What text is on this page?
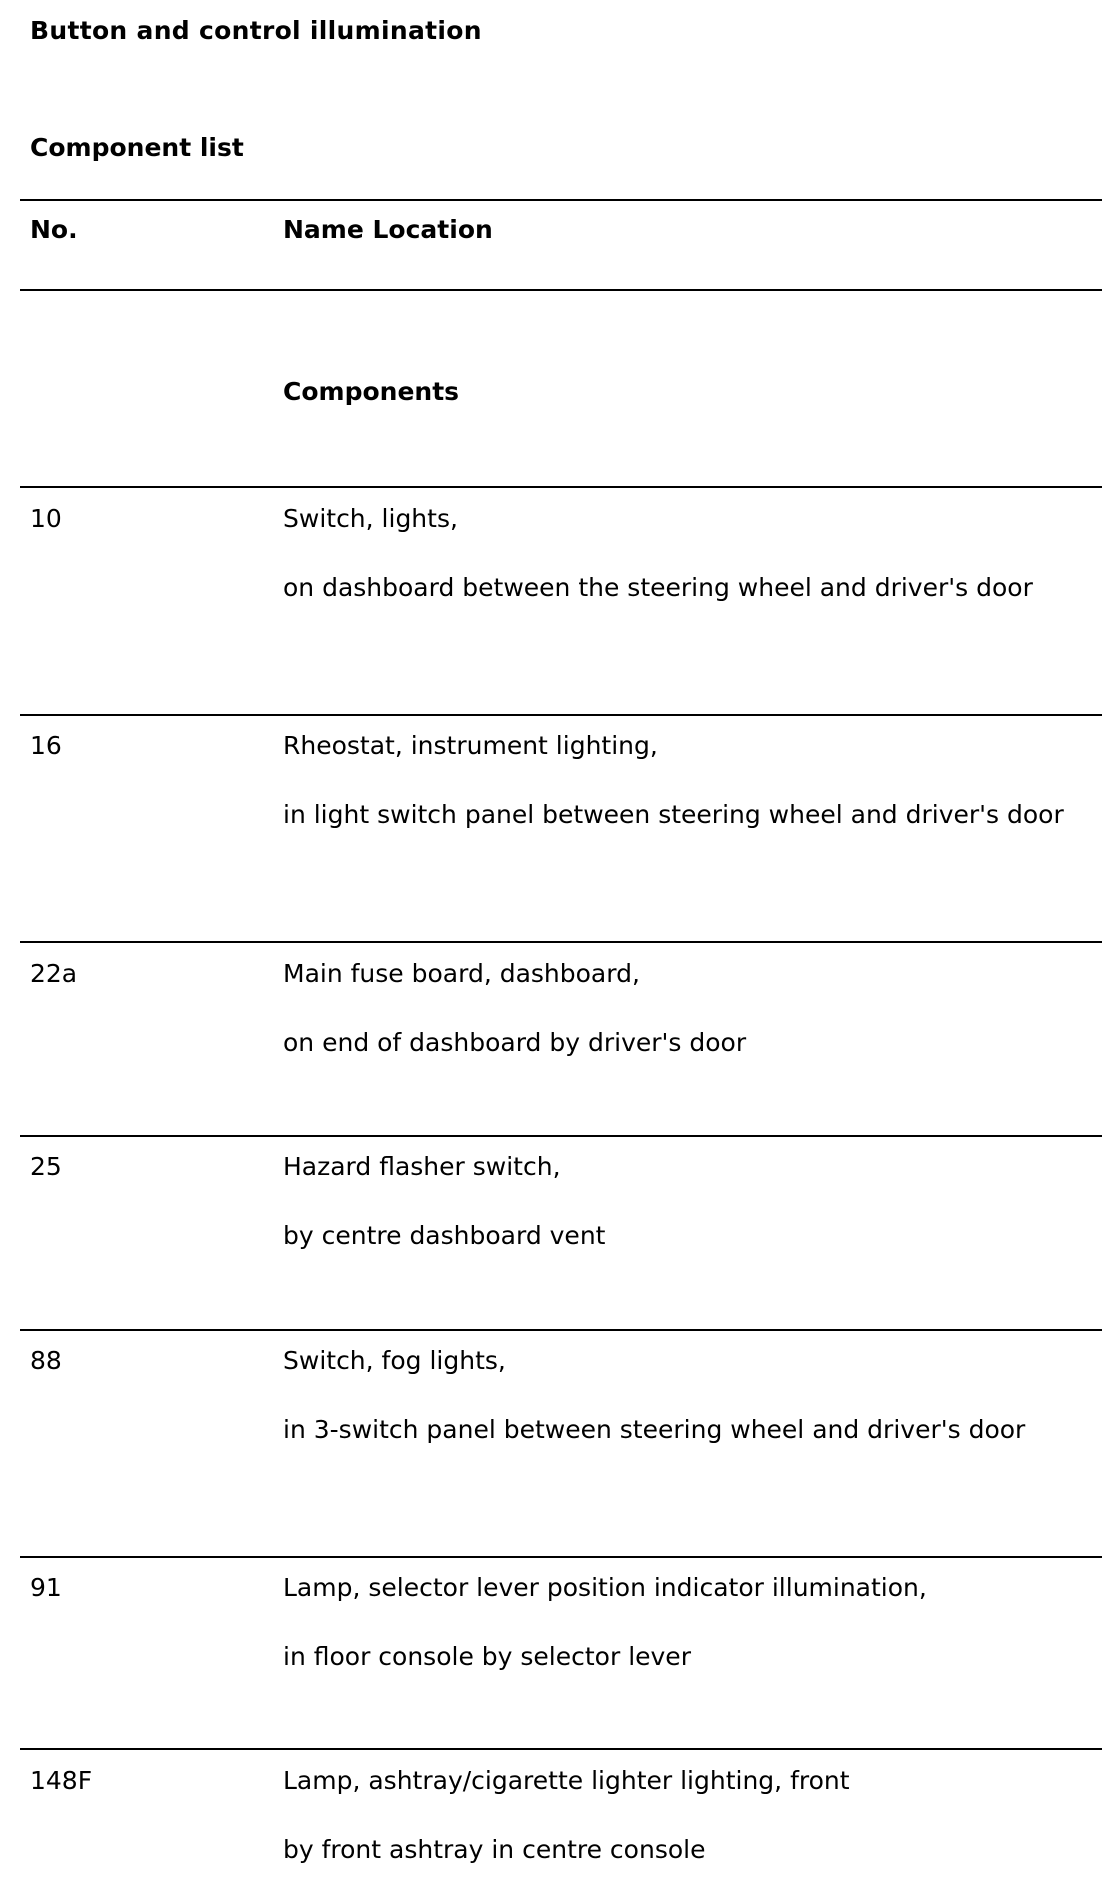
Button and control illumination
Component list
No.	Name Location
Components
10	Switch, lights,
on dashboard between the steering wheel and driver's door
16	Rheostat, instrument lighting,
in light switch panel between steering wheel and driver's door
22a	Main fuse board, dashboard,
on end of dashboard by driver's door
25	Hazard flasher switch,
by centre dashboard vent
88	Switch, fog lights,
in 3-switch panel between steering wheel and driver's door
91	Lamp, selector lever position indicator illumination,
in floor console by selector lever
148F	Lamp, ashtray/cigarette lighter lighting, front
by front ashtray in centre console
